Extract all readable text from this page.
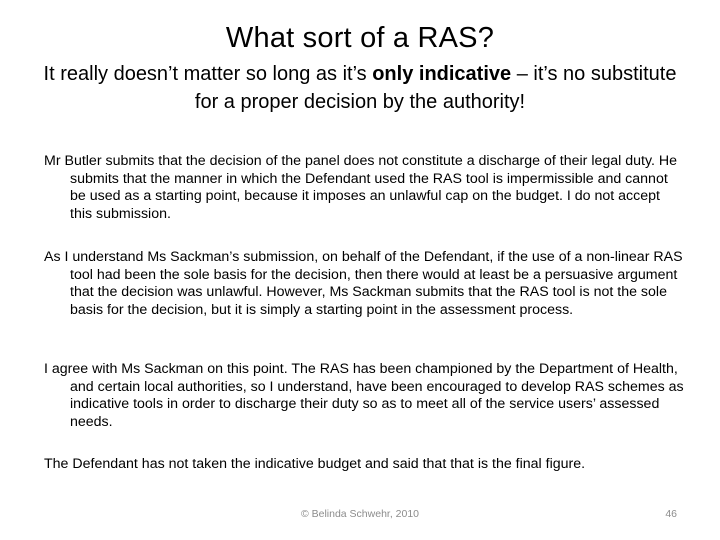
What sort of a RAS?
It really doesn’t matter so long as it’s only indicative – it’s no substitute for a proper decision by the authority!
Mr Butler submits that the decision of the panel does not constitute a discharge of their legal duty. He submits that the manner in which the Defendant used the RAS tool is impermissible and cannot be used as a starting point, because it imposes an unlawful cap on the budget. I do not accept this submission.
As I understand Ms Sackman’s submission, on behalf of the Defendant, if the use of a non-linear RAS tool had been the sole basis for the decision, then there would at least be a persuasive argument that the decision was unlawful. However, Ms Sackman submits that the RAS tool is not the sole basis for the decision, but it is simply a starting point in the assessment process.
I agree with Ms Sackman on this point. The RAS has been championed by the Department of Health, and certain local authorities, so I understand, have been encouraged to develop RAS schemes as indicative tools in order to discharge their duty so as to meet all of the service users’ assessed needs.
The Defendant has not taken the indicative budget and said that that is the final figure.
© Belinda Schwehr, 2010	46
